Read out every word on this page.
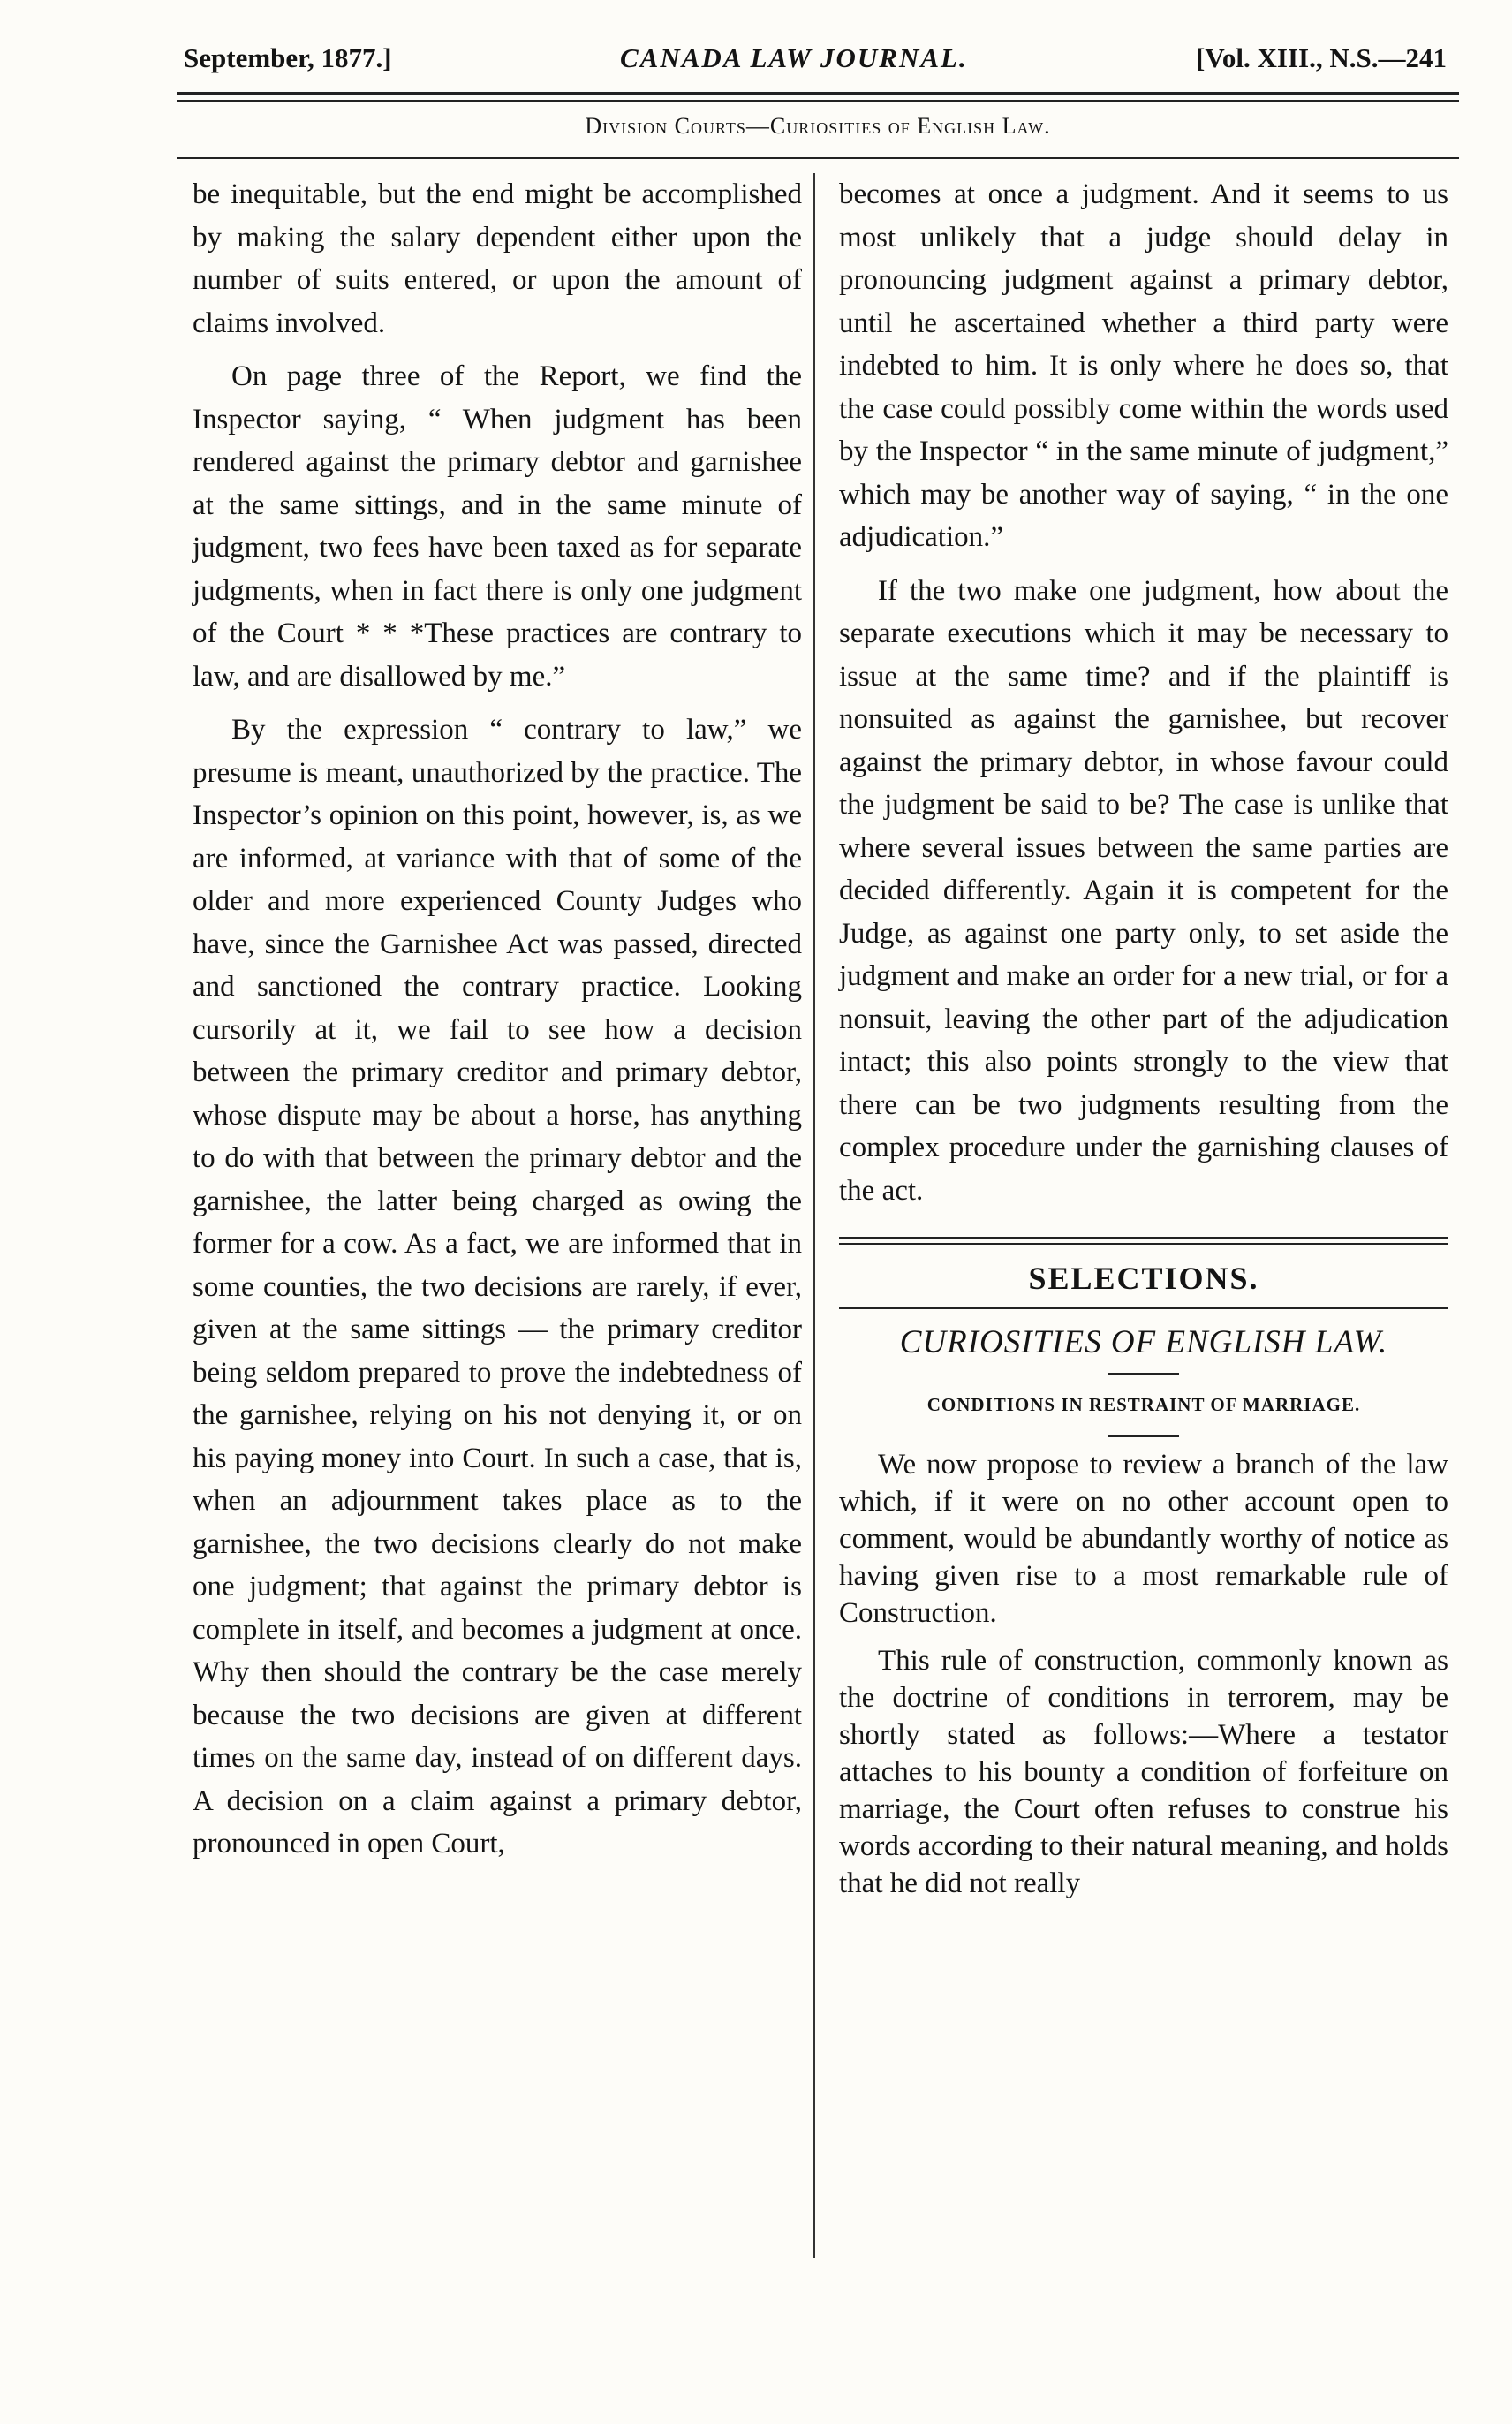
September, 1877.]	CANADA LAW JOURNAL.	[Vol. XIII., N.S.—241
Division Courts—Curiosities of English Law.

be inequitable, but the end might be accomplished by making the salary dependent either upon the number of suits entered, or upon the amount of claims involved.

On page three of the Report, we find the Inspector saying, “ When judgment has been rendered against the primary debtor and garnishee at the same sittings, and in the same minute of judgment, two fees have been taxed as for separate judgments, when in fact there is only one judgment of the Court * * *These practices are contrary to law, and are disallowed by me.”

By the expression “ contrary to law,” we presume is meant, unauthorized by the practice. The Inspector’s opinion on this point, however, is, as we are informed, at variance with that of some of the older and more experienced County Judges who have, since the Garnishee Act was passed, directed and sanctioned the contrary practice. Looking cursorily at it, we fail to see how a decision between the primary creditor and primary debtor, whose dispute may be about a horse, has anything to do with that between the primary debtor and the garnishee, the latter being charged as owing the former for a cow. As a fact, we are informed that in some counties, the two decisions are rarely, if ever, given at the same sittings — the primary creditor being seldom prepared to prove the indebtedness of the garnishee, relying on his not denying it, or on his paying money into Court. In such a case, that is, when an adjournment takes place as to the garnishee, the two decisions clearly do not make one judgment; that against the primary debtor is complete in itself, and becomes a judgment at once. Why then should the contrary be the case merely because the two decisions are given at different times on the same day, instead of on different days. A decision on a claim against a primary debtor, pronounced in open Court,

becomes at once a judgment. And it seems to us most unlikely that a judge should delay in pronouncing judgment against a primary debtor, until he ascertained whether a third party were indebted to him. It is only where he does so, that the case could possibly come within the words used by the Inspector “ in the same minute of judgment,” which may be another way of saying, “ in the one adjudication.”

If the two make one judgment, how about the separate executions which it may be necessary to issue at the same time? and if the plaintiff is nonsuited as against the garnishee, but recover against the primary debtor, in whose favour could the judgment be said to be? The case is unlike that where several issues between the same parties are decided differently. Again it is competent for the Judge, as against one party only, to set aside the judgment and make an order for a new trial, or for a nonsuit, leaving the other part of the adjudication intact; this also points strongly to the view that there can be two judgments resulting from the complex procedure under the garnishing clauses of the act.

SELECTIONS.
CURIOSITIES OF ENGLISH LAW.
CONDITIONS IN RESTRAINT OF MARRIAGE.

We now propose to review a branch of the law which, if it were on no other account open to comment, would be abundantly worthy of notice as having given rise to a most remarkable rule of Construction.

This rule of construction, commonly known as the doctrine of conditions in terrorem, may be shortly stated as follows:—Where a testator attaches to his bounty a condition of forfeiture on marriage, the Court often refuses to construe his words according to their natural meaning, and holds that he did not really
